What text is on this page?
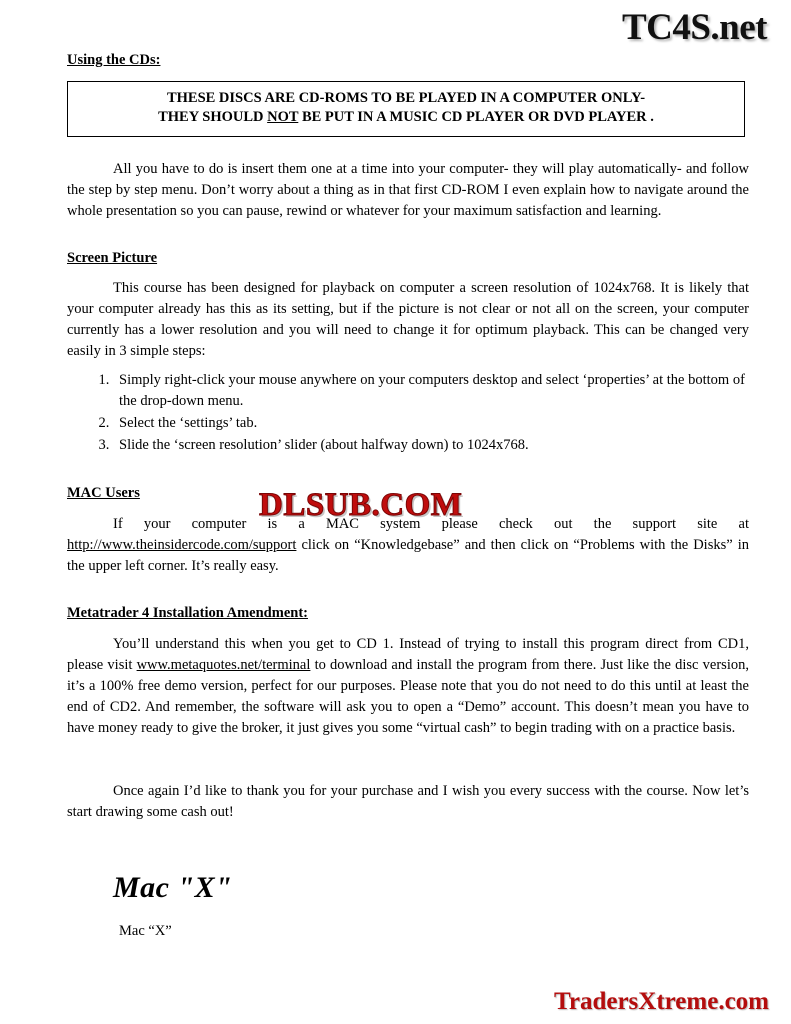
TC4S.net
Using the CDs:
THESE DISCS ARE CD-ROMS TO BE PLAYED IN A COMPUTER ONLY-
THEY SHOULD NOT BE PUT IN A MUSIC CD PLAYER OR DVD PLAYER .

All you have to do is insert them one at a time into your computer- they will play automatically- and follow the step by step menu. Don’t worry about a thing as in that first CD-ROM I even explain how to navigate around the whole presentation so you can pause, rewind or whatever for your maximum satisfaction and learning.

Screen Picture

This course has been designed for playback on computer a screen resolution of 1024x768. It is likely that your computer already has this as its setting, but if the picture is not clear or not all on the screen, your computer currently has a lower resolution and you will need to change it for optimum playback. This can be changed very easily in 3 simple steps:

1. Simply right-click your mouse anywhere on your computers desktop and select ‘properties’ at the bottom of the drop-down menu.
2. Select the ‘settings’ tab.
3. Slide the ‘screen resolution’ slider (about halfway down) to 1024x768.
MAC Users

If your computer is a MAC system please check out the support site at http://www.theinsidercode.com/support click on “Knowledgebase” and then click on “Problems with the Disks” in the upper left corner. It’s really easy.

Metatrader 4 Installation Amendment:

You’ll understand this when you get to CD 1. Instead of trying to install this program direct from CD1, please visit www.metaquotes.net/terminal to download and install the program from there. Just like the disc version, it’s a 100% free demo version, perfect for our purposes. Please note that you do not need to do this until at least the end of CD2. And remember, the software will ask you to open a “Demo” account. This doesn’t mean you have to have money ready to give the broker, it just gives you some “virtual cash” to begin trading with on a practice basis.

Once again I’d like to thank you for your purchase and I wish you every success with the course. Now let’s start drawing some cash out!

Mac "X"
Mac “X”
DLSUB.COM
TradersXtreme.com
